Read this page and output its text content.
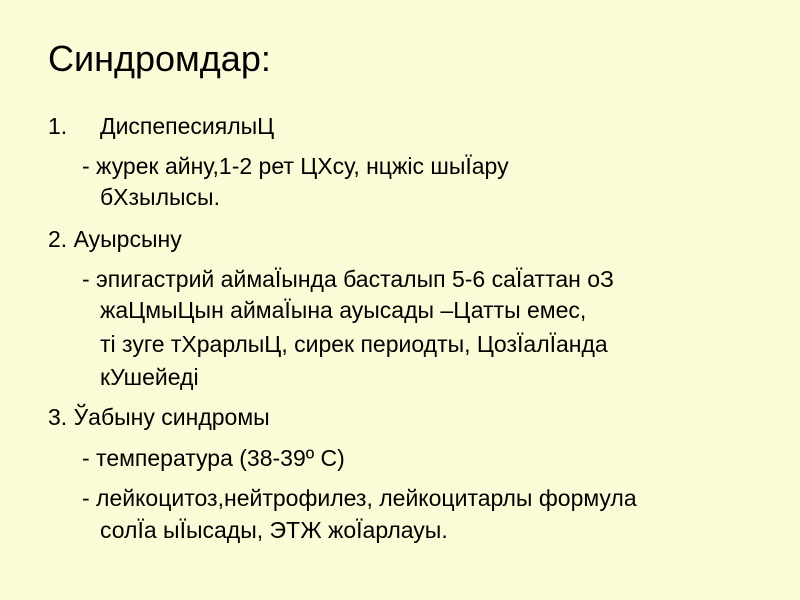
Синдромдар:
1. ДиспепесиялыЦ
- журек айну,1-2 рет ЦХсу, нцжіс шыЇару
бХзылысы.
2. Ауырсыну
- эпигастрий аймаЇында басталып 5-6 саЇаттан оЗ
жаЦмыЦын аймаЇына ауысады –Цатты емес,
ті зуге тХрарлыЦ, сирек периодты, ЦозЇалЇанда
кУшейеді
3. Ўабыну синдромы
- температура (38-39º С)
- лейкоцитоз,нейтрофилез, лейкоцитарлы формула
солЇа ыЇысады, ЭТЖ жоЇарлауы.
